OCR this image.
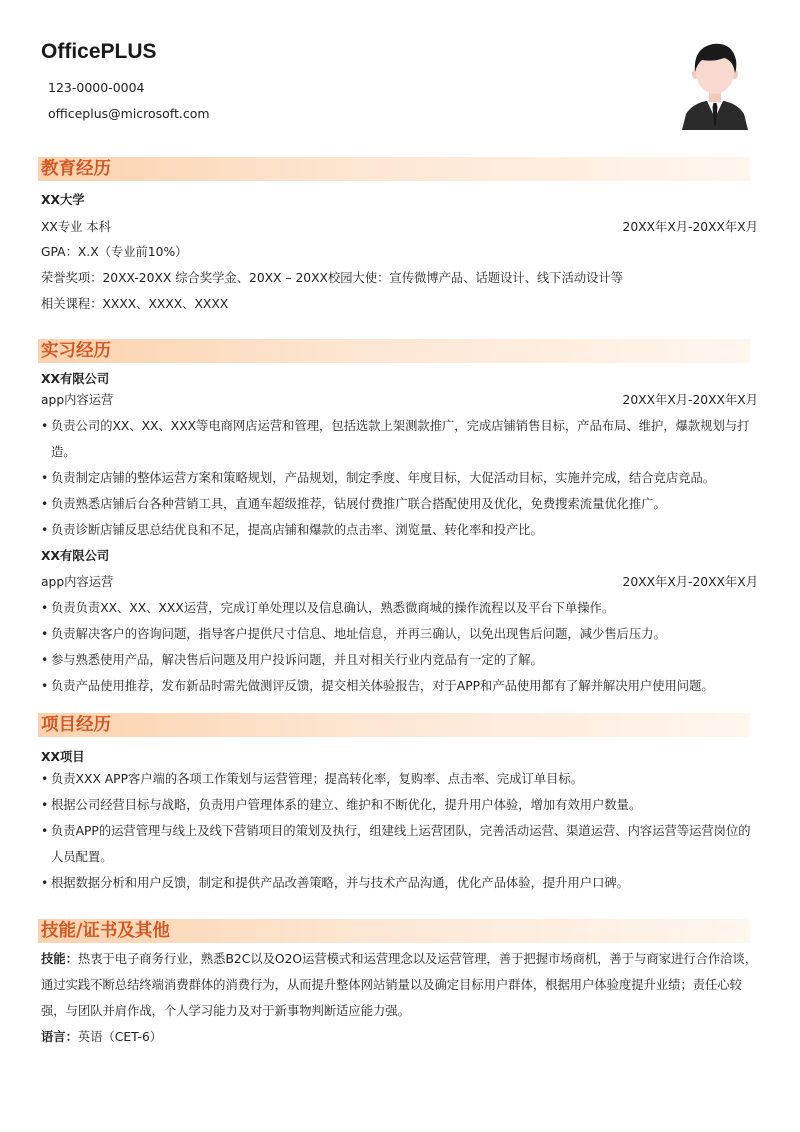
OfficePLUS
123-0000-0004
officeplus@microsoft.com
教育经历
XX大学
XX专业 本科	20XX年X月-20XX年X月
GPA：X.X（专业前10%）
荣誉奖项：20XX-20XX 综合奖学金、20XX – 20XX校园大使：宣传微博产品、话题设计、线下活动设计等
相关课程：XXXX、XXXX、XXXX
实习经历
XX有限公司
app内容运营	20XX年X月-20XX年X月
• 负责公司的XX、XX、XXX等电商网店运营和管理，包括选款上架测款推广，完成店铺销售目标，产品布局、维护，爆款规划与打造。
• 负责制定店铺的整体运营方案和策略规划，产品规划，制定季度、年度目标，大促活动目标，实施并完成，结合竞店竞品。
• 负责熟悉店铺后台各种营销工具，直通车超级推荐，钻展付费推广联合搭配使用及优化，免费搜索流量优化推广。
• 负责诊断店铺反思总结优良和不足，提高店铺和爆款的点击率、浏览量、转化率和投产比。
XX有限公司
app内容运营	20XX年X月-20XX年X月
• 负责负责XX、XX、XXX运营，完成订单处理以及信息确认，熟悉微商城的操作流程以及平台下单操作。
• 负责解决客户的咨询问题，指导客户提供尺寸信息、地址信息，并再三确认，以免出现售后问题，减少售后压力。
• 参与熟悉使用产品，解决售后问题及用户投诉问题，并且对相关行业内竞品有一定的了解。
• 负责产品使用推荐，发布新品时需先做测评反馈，提交相关体验报告，对于APP和产品使用都有了解并解决用户使用问题。
项目经历
XX项目
• 负责XXX APP客户端的各项工作策划与运营管理；提高转化率，复购率、点击率、完成订单目标。
• 根据公司经营目标与战略，负责用户管理体系的建立、维护和不断优化，提升用户体验，增加有效用户数量。
• 负责APP的运营管理与线上及线下营销项目的策划及执行，组建线上运营团队，完善活动运营、渠道运营、内容运营等运营岗位的人员配置。
• 根据数据分析和用户反馈，制定和提供产品改善策略，并与技术产品沟通，优化产品体验，提升用户口碑。
技能/证书及其他
技能：热衷于电子商务行业，熟悉B2C以及O2O运营模式和运营理念以及运营管理，善于把握市场商机，善于与商家进行合作洽谈，通过实践不断总结终端消费群体的消费行为，从而提升整体网站销量以及确定目标用户群体，根据用户体验度提升业绩；责任心较强，与团队并肩作战，个人学习能力及对于新事物判断适应能力强。
语言：英语（CET-6）
